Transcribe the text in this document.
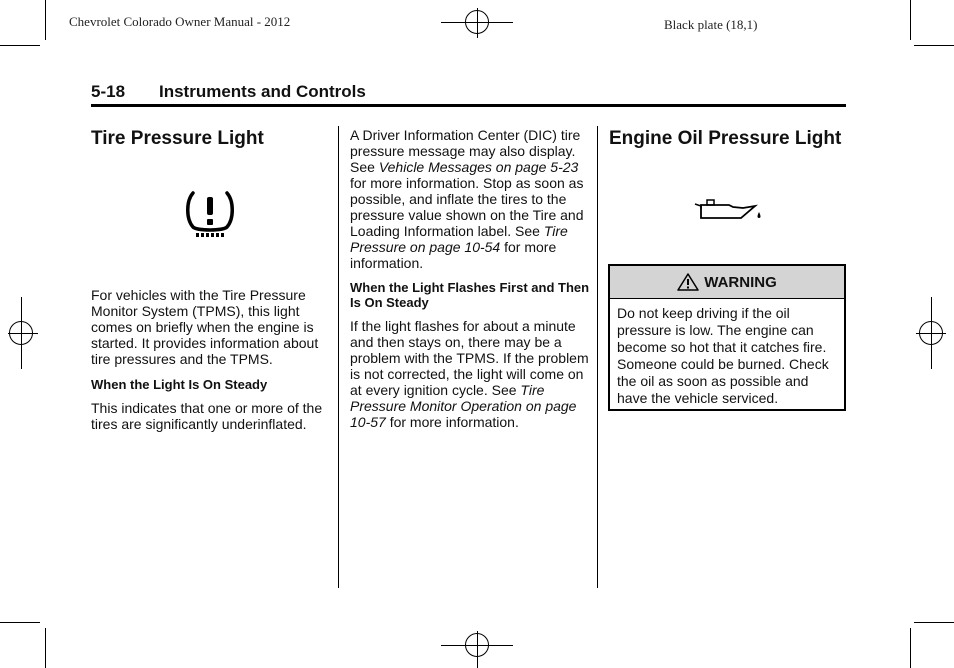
Chevrolet Colorado Owner Manual - 2012	Black plate (18,1)
5-18 Instruments and Controls
Tire Pressure Light

For vehicles with the Tire Pressure Monitor System (TPMS), this light comes on briefly when the engine is started. It provides information about tire pressures and the TPMS.

When the Light Is On Steady

This indicates that one or more of the tires are significantly underinflated.

A Driver Information Center (DIC) tire pressure message may also display. See Vehicle Messages on page 5-23 for more information. Stop as soon as possible, and inflate the tires to the pressure value shown on the Tire and Loading Information label. See Tire Pressure on page 10-54 for more information.

When the Light Flashes First and Then Is On Steady

If the light flashes for about a minute and then stays on, there may be a problem with the TPMS. If the problem is not corrected, the light will come on at every ignition cycle. See Tire Pressure Monitor Operation on page 10-57 for more information.

Engine Oil Pressure Light
WARNING
Do not keep driving if the oil pressure is low. The engine can become so hot that it catches fire. Someone could be burned. Check the oil as soon as possible and have the vehicle serviced.
